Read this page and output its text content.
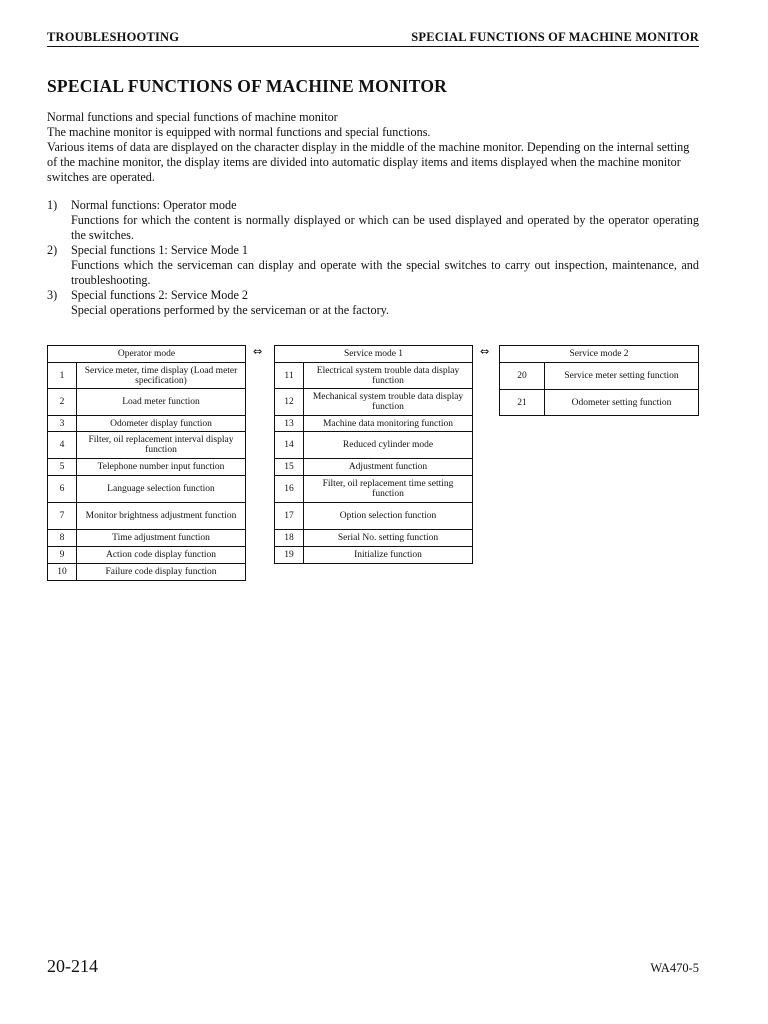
TROUBLESHOOTING	SPECIAL FUNCTIONS OF MACHINE MONITOR
SPECIAL FUNCTIONS OF MACHINE MONITOR

Normal functions and special functions of machine monitor

The machine monitor is equipped with normal functions and special functions.

Various items of data are displayed on the character display in the middle of the machine monitor. Depending on the internal setting of the machine monitor, the display items are divided into automatic display items and items displayed when the machine monitor switches are operated.

1) Normal functions: Operator mode

Functions for which the content is normally displayed or which can be used displayed and operated by the operator operating the switches.

2) Special functions 1: Service Mode 1

Functions which the serviceman can display and operate with the special switches to carry out inspection, maintenance, and troubleshooting.

3) Special functions 2: Service Mode 2

Special operations performed by the serviceman or at the factory.

Operator mode	
1	Service meter, time display (Load meter specification)
2	Load meter function
3	Odometer display function
4	Filter, oil replacement interval display function
5	Telephone number input function
6	Language selection function
7	Monitor brightness adjustment function
8	Time adjustment function
9	Action code display function
10	Failure code display function
⇔	Service mode 1	
11	Electrical system trouble data display function
12	Mechanical system trouble data display function
13	Machine data monitoring function
14	Reduced cylinder mode
15	Adjustment function
16	Filter, oil replacement time setting function
17	Option selection function
18	Serial No. setting function
19	Initialize function
⇔	Service mode 2	
20	Service meter setting function
21	Odometer setting function
20-214	WA470-5
